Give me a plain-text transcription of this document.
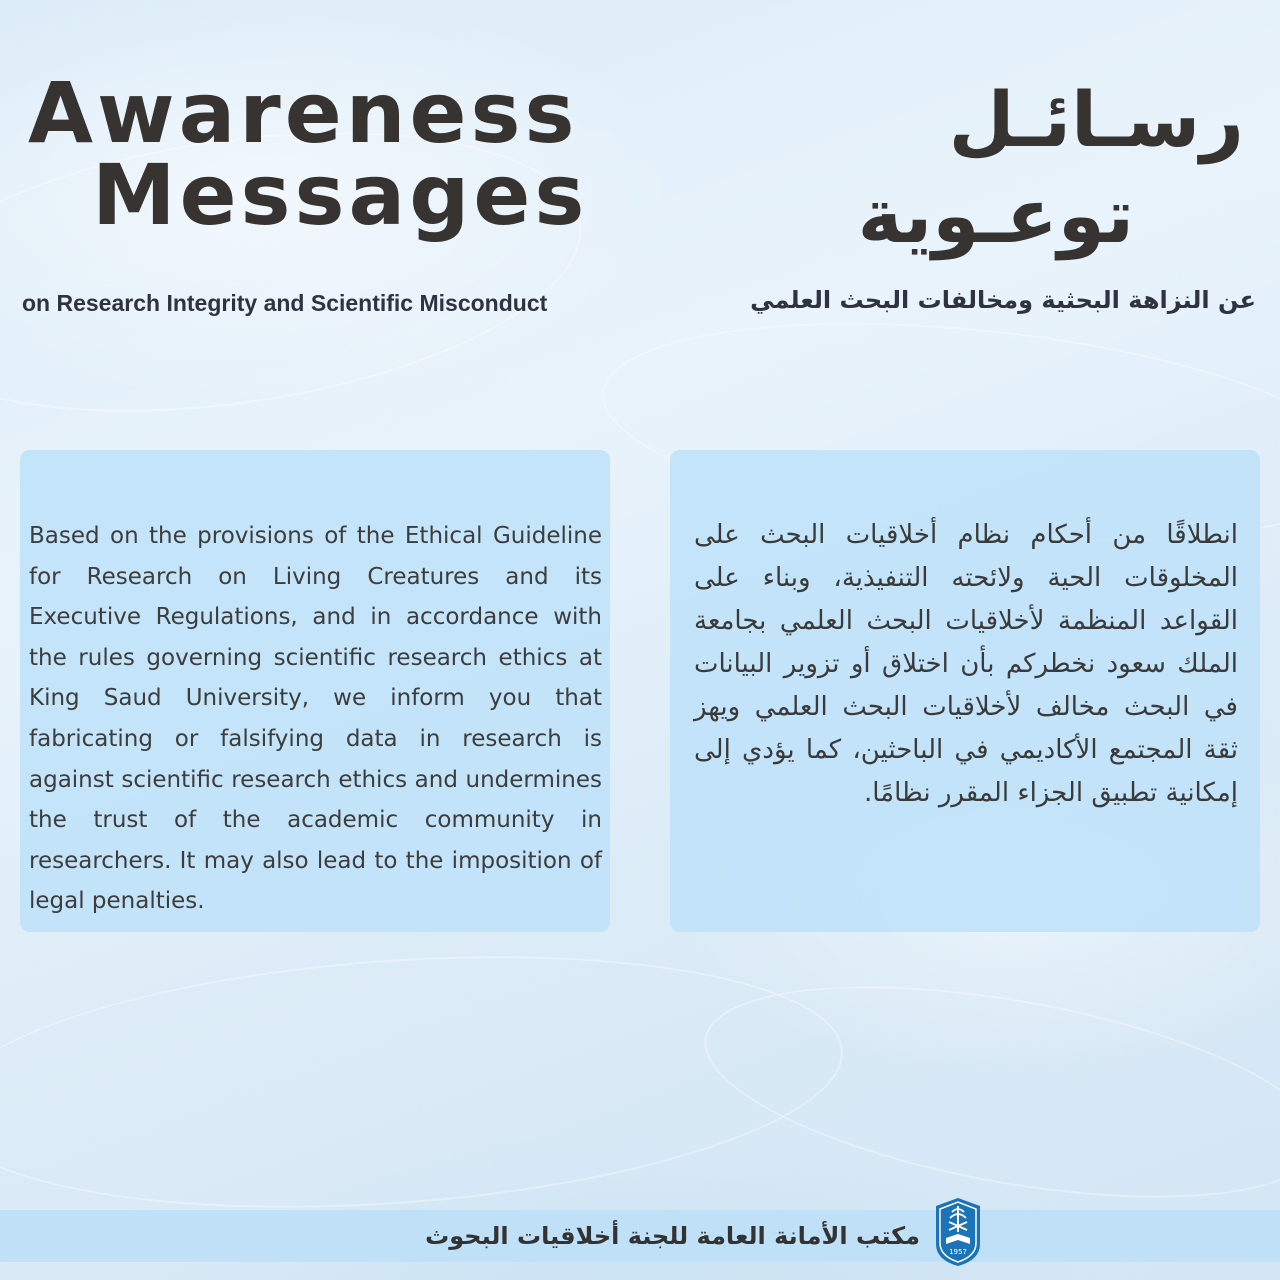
Awareness
Messages
رسـائـل
توعـوية
on Research Integrity and Scientific Misconduct	عن النزاهة البحثية ومخالفات البحث العلمي

Based on the provisions of the Ethical Guideline for Research on Living Creatures and its Executive Regulations, and in accordance with the rules governing scientific research ethics at King Saud University, we inform you that fabricating or falsifying data in research is against scientific research ethics and undermines the trust of the academic community in researchers. It may also lead to the imposition of legal penalties.

انطلاقًا من أحكام نظام أخلاقيات البحث على المخلوقات الحية ولائحته التنفيذية، وبناء على القواعد المنظمة لأخلاقيات البحث العلمي بجامعة الملك سعود نخطركم بأن اختلاق أو تزوير البيانات في البحث مخالف لأخلاقيات البحث العلمي ويهز ثقة المجتمع الأكاديمي في الباحثين، كما يؤدي إلى إمكانية تطبيق الجزاء المقرر نظامًا.

مكتب الأمانة العامة للجنة أخلاقيات البحوث
1957
